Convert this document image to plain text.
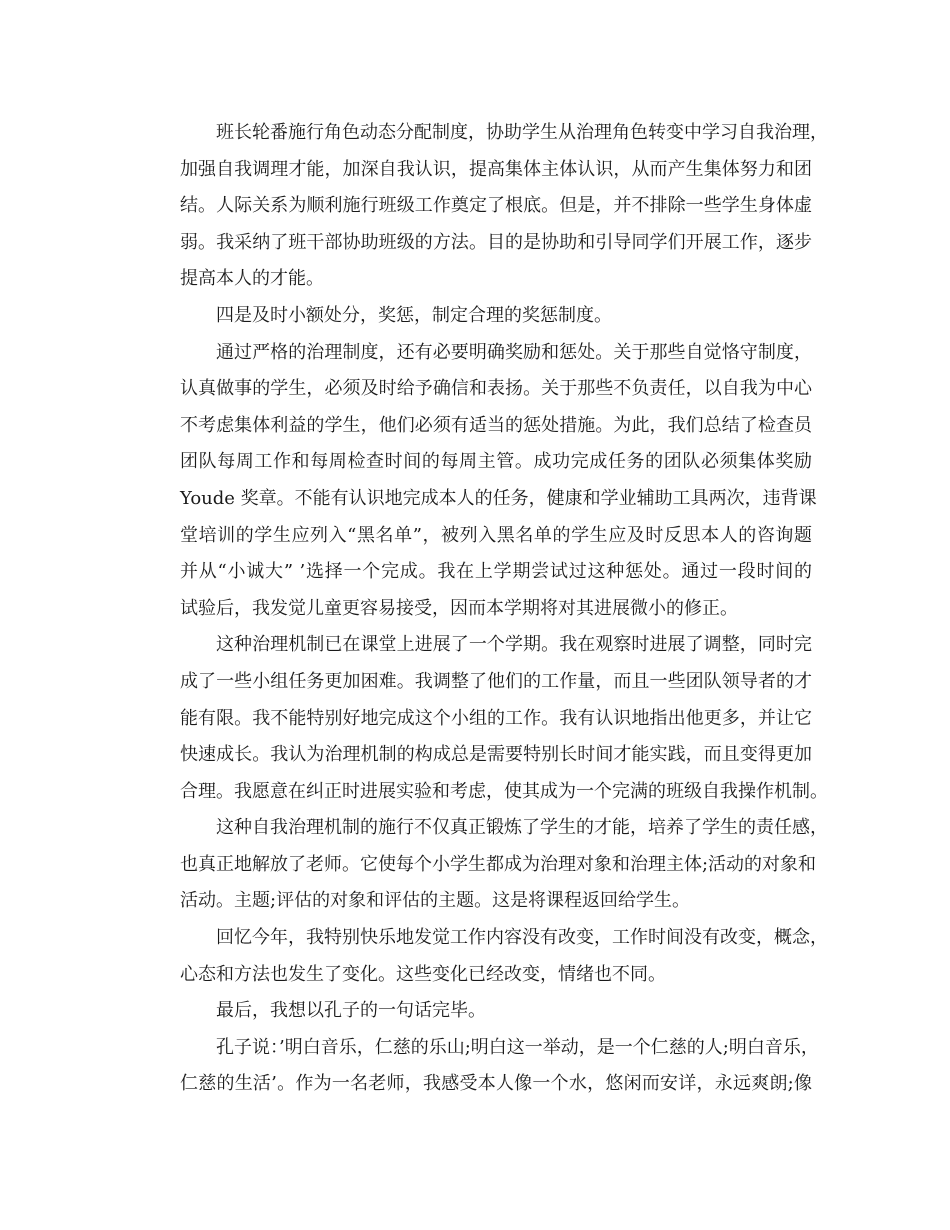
班长轮番施行角色动态分配制度，协助学生从治理角色转变中学习自我治理，
加强自我调理才能，加深自我认识，提高集体主体认识，从而产生集体努力和团
结。人际关系为顺利施行班级工作奠定了根底。但是，并不排除一些学生身体虚
弱。我采纳了班干部协助班级的方法。目的是协助和引导同学们开展工作，逐步
提高本人的才能。
四是及时小额处分，奖惩，制定合理的奖惩制度。
通过严格的治理制度，还有必要明确奖励和惩处。关于那些自觉恪守制度，
认真做事的学生，必须及时给予确信和表扬。关于那些不负责任，以自我为中心
不考虑集体利益的学生，他们必须有适当的惩处措施。为此，我们总结了检查员
团队每周工作和每周检查时间的每周主管。成功完成任务的团队必须集体奖励
Youde 奖章。不能有认识地完成本人的任务，健康和学业辅助工具两次，违背课
堂培训的学生应列入“黑名单”，被列入黑名单的学生应及时反思本人的咨询题
并从“小诚大” ’选择一个完成。我在上学期尝试过这种惩处。通过一段时间的
试验后，我发觉儿童更容易接受，因而本学期将对其进展微小的修正。
这种治理机制已在课堂上进展了一个学期。我在观察时进展了调整，同时完
成了一些小组任务更加困难。我调整了他们的工作量，而且一些团队领导者的才
能有限。我不能特别好地完成这个小组的工作。我有认识地指出他更多，并让它
快速成长。我认为治理机制的构成总是需要特别长时间才能实践，而且变得更加
合理。我愿意在纠正时进展实验和考虑，使其成为一个完满的班级自我操作机制。
这种自我治理机制的施行不仅真正锻炼了学生的才能，培养了学生的责任感，
也真正地解放了老师。它使每个小学生都成为治理对象和治理主体;活动的对象和
活动。主题;评估的对象和评估的主题。这是将课程返回给学生。
回忆今年，我特别快乐地发觉工作内容没有改变，工作时间没有改变，概念，
心态和方法也发生了变化。这些变化已经改变，情绪也不同。
最后，我想以孔子的一句话完毕。
孔子说：’明白音乐，仁慈的乐山;明白这一举动，是一个仁慈的人;明白音乐，
仁慈的生活’。作为一名老师，我感受本人像一个水，悠闲而安详，永远爽朗;像
